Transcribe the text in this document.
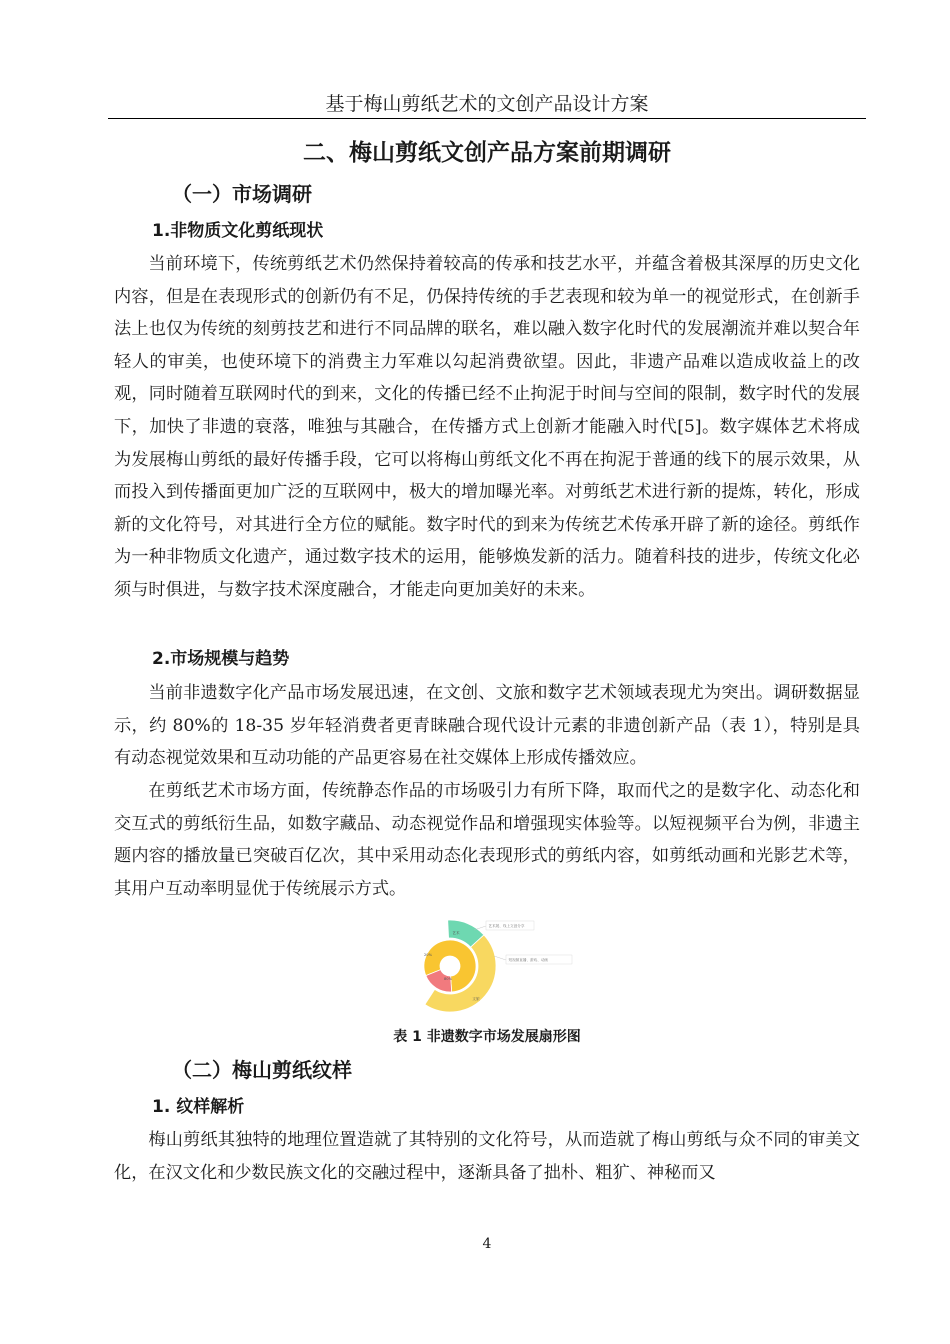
基于梅山剪纸艺术的文创产品设计方案
二、梅山剪纸文创产品方案前期调研
（一）市场调研
1.非物质文化剪纸现状

当前环境下，传统剪纸艺术仍然保持着较高的传承和技艺水平，并蕴含着极其深厚的历史文化内容，但是在表现形式的创新仍有不足，仍保持传统的手艺表现和较为单一的视觉形式，在创新手法上也仅为传统的刻剪技艺和进行不同品牌的联名，难以融入数字化时代的发展潮流并难以契合年轻人的审美，也使环境下的消费主力军难以勾起消费欲望。因此，非遗产品难以造成收益上的改观，同时随着互联网时代的到来，文化的传播已经不止拘泥于时间与空间的限制，数字时代的发展下，加快了非遗的衰落，唯独与其融合，在传播方式上创新才能融入时代[5]。数字媒体艺术将成为发展梅山剪纸的最好传播手段，它可以将梅山剪纸文化不再在拘泥于普通的线下的展示效果，从而投入到传播面更加广泛的互联网中，极大的增加曝光率。对剪纸艺术进行新的提炼，转化，形成新的文化符号，对其进行全方位的赋能。数字时代的到来为传统艺术传承开辟了新的途径。剪纸作为一种非物质文化遗产，通过数字技术的运用，能够焕发新的活力。随着科技的进步，传统文化必须与时俱进，与数字技术深度融合，才能走向更加美好的未来。

2.市场规模与趋势

当前非遗数字化产品市场发展迅速，在文创、文旅和数字艺术领域表现尤为突出。调研数据显示，约 80%的 18-35 岁年轻消费者更青睐融合现代设计元素的非遗创新产品（表 1），特别是具有动态视觉效果和互动功能的产品更容易在社交媒体上形成传播效应。

在剪纸艺术市场方面，传统静态作品的市场吸引力有所下降，取而代之的是数字化、动态化和交互式的剪纸衍生品，如数字藏品、动态视觉作品和增强现实体验等。以短视频平台为例，非遗主题内容的播放量已突破百亿次，其中采用动态化表现形式的剪纸内容，如剪纸动画和光影艺术等，其用户互动率明显优于传统展示方式。

80%
20%
艺术
文旅
艺术展、线上文创分享
短视频直播、游戏、动画
表 1 非遗数字市场发展扇形图
（二）梅山剪纸纹样
1. 纹样解析

梅山剪纸其独特的地理位置造就了其特别的文化符号，从而造就了梅山剪纸与众不同的审美文化，在汉文化和少数民族文化的交融过程中，逐渐具备了拙朴、粗犷、神秘而又

4
